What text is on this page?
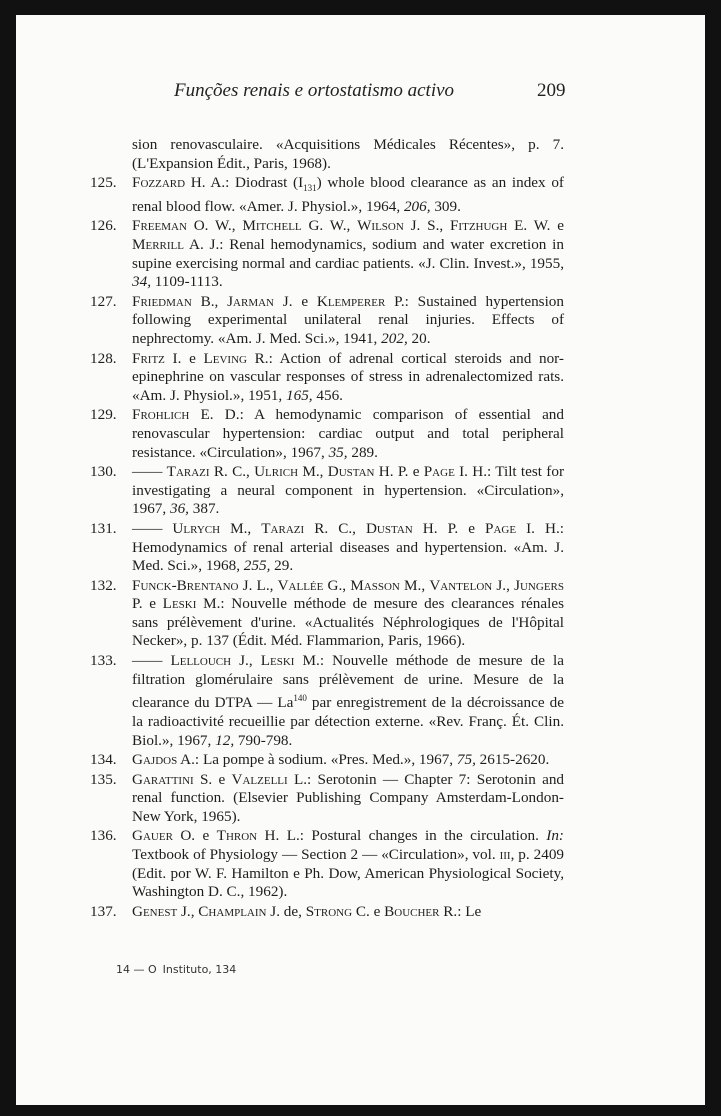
Funções renais e ortostatismo activo	209
sion renovasculaire. «Acquisitions Médicales Récentes», p. 7. (L'Expansion Édit., Paris, 1968).
125. Fozzard H. A.: Diodrast $(I_{131})$ whole blood clearance as an index of renal blood flow. «Amer. J. Physiol.», 1964, 206, 309.
126. Freeman O. W., Mitchell G. W., Wilson J. S., Fitzhugh E. W. e Merrill A. J.: Renal hemodynamics, sodium and water excretion in supine exercising normal and cardiac patients. «J. Clin. Invest.», 1955, 34, 1109-1113.
127. Friedman B., Jarman J. e Klemperer P.: Sustained hypertension following experimental unilateral renal injuries. Effects of nephrectomy. «Am. J. Med. Sci.», 1941, 202, 20.
128. Fritz I. e Leving R.: Action of adrenal cortical steroids and nor-epinephrine on vascular responses of stress in adrenalectomized rats. «Am. J. Physiol.», 1951, 165, 456.
129. Frohlich E. D.: A hemodynamic comparison of essential and renovascular hypertension: cardiac output and total peripheral resistance. «Circulation», 1967, 35, 289.
130. —— Tarazi R. C., Ulrich M., Dustan H. P. e Page I. H.: Tilt test for investigating a neural component in hypertension. «Circulation», 1967, 36, 387.
131. —— Ulrych M., Tarazi R. C., Dustan H. P. e Page I. H.: Hemodynamics of renal arterial diseases and hypertension. «Am. J. Med. Sci.», 1968, 255, 29.
132. Funck-Brentano J. L., Vallée G., Masson M., Vantelon J., Jungers P. e Leski M.: Nouvelle méthode de mesure des clearances rénales sans prélèvement d'urine. «Actualités Néphrologiques de l'Hôpital Necker», p. 137 (Édit. Méd. Flammarion, Paris, 1966).
133. —— Lellouch J., Leski M.: Nouvelle méthode de mesure de la filtration glomérulaire sans prélèvement de urine. Mesure de la clearance du DTPA — La$^{140}$ par enregistrement de la décroissance de la radioactivité recueillie par détection externe. «Rev. Franç. Ét. Clin. Biol.», 1967, 12, 790-798.
134. Gajdos A.: La pompe à sodium. «Pres. Med.», 1967, 75, 2615-2620.
135. Garattini S. e Valzelli L.: Serotonin — Chapter 7: Serotonin and renal function. (Elsevier Publishing Company Amsterdam-London-New York, 1965).
136. Gauer O. e Thron H. L.: Postural changes in the circulation. In: Textbook of Physiology — Section 2 — «Circulation», vol. iii, p. 2409 (Edit. por W. F. Hamilton e Ph. Dow, American Physiological Society, Washington D. C., 1962).
137. Genest J., Champlain J. de, Strong C. e Boucher R.: Le
14 — O Instituto, 134
